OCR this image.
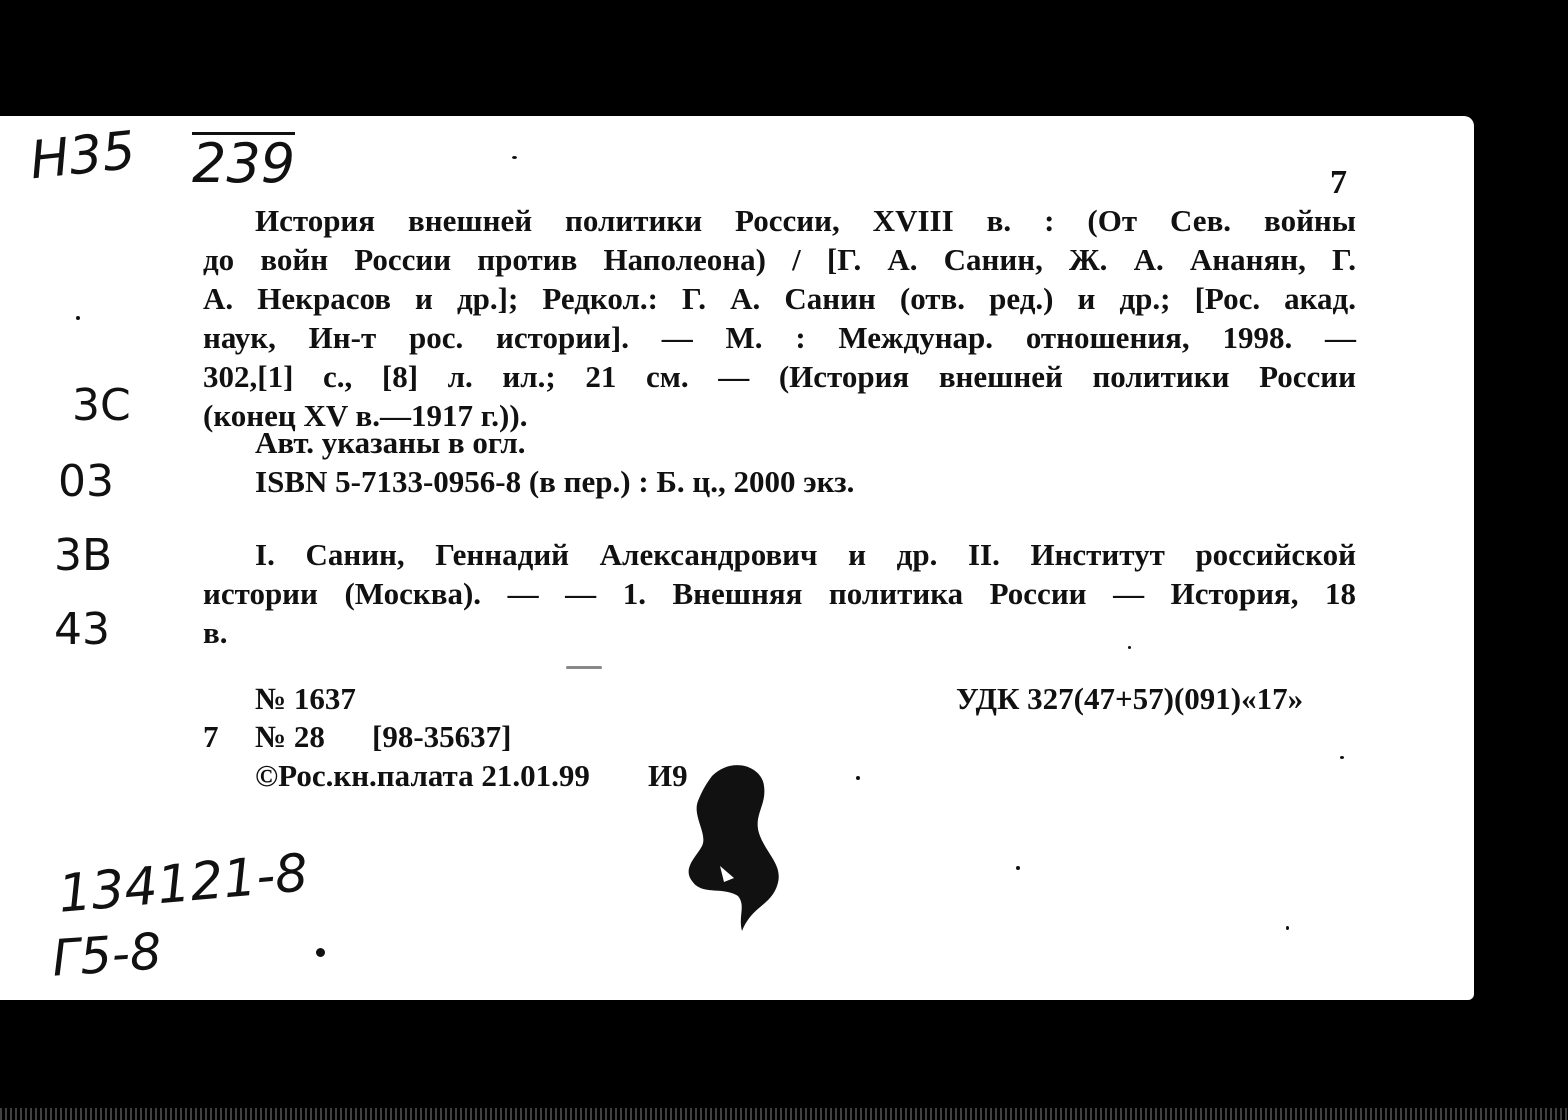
Н35 239	7
История внешней политики России, XVIII в. : (От Сев. войны
до войн России против Наполеона) / [Г. А. Санин, Ж. А. Ананян, Г.
А. Некрасов и др.]; Редкол.: Г. А. Санин (отв. ред.) и др.; [Рос. акад.
наук, Ин-т рос. истории]. — М. : Междунар. отношения, 1998. —
302,[1] с., [8] л. ил.; 21 см. — (История внешней политики России
(конец XV в.—1917 г.)).
Авт. указаны в огл.
ISBN 5-7133-0956-8 (в пер.) : Б. ц., 2000 экз.
I. Санин, Геннадий Александрович и др. II. Институт российской
истории (Москва). — — 1. Внешняя политика России — История, 18
в.
3С
03
3В
43
№ 1637	УДК 327(47+57)(091)«17»
7 № 28 [98-35637]
©Рос.кн.палата 21.01.99 И9
134121-8
Г5-8
